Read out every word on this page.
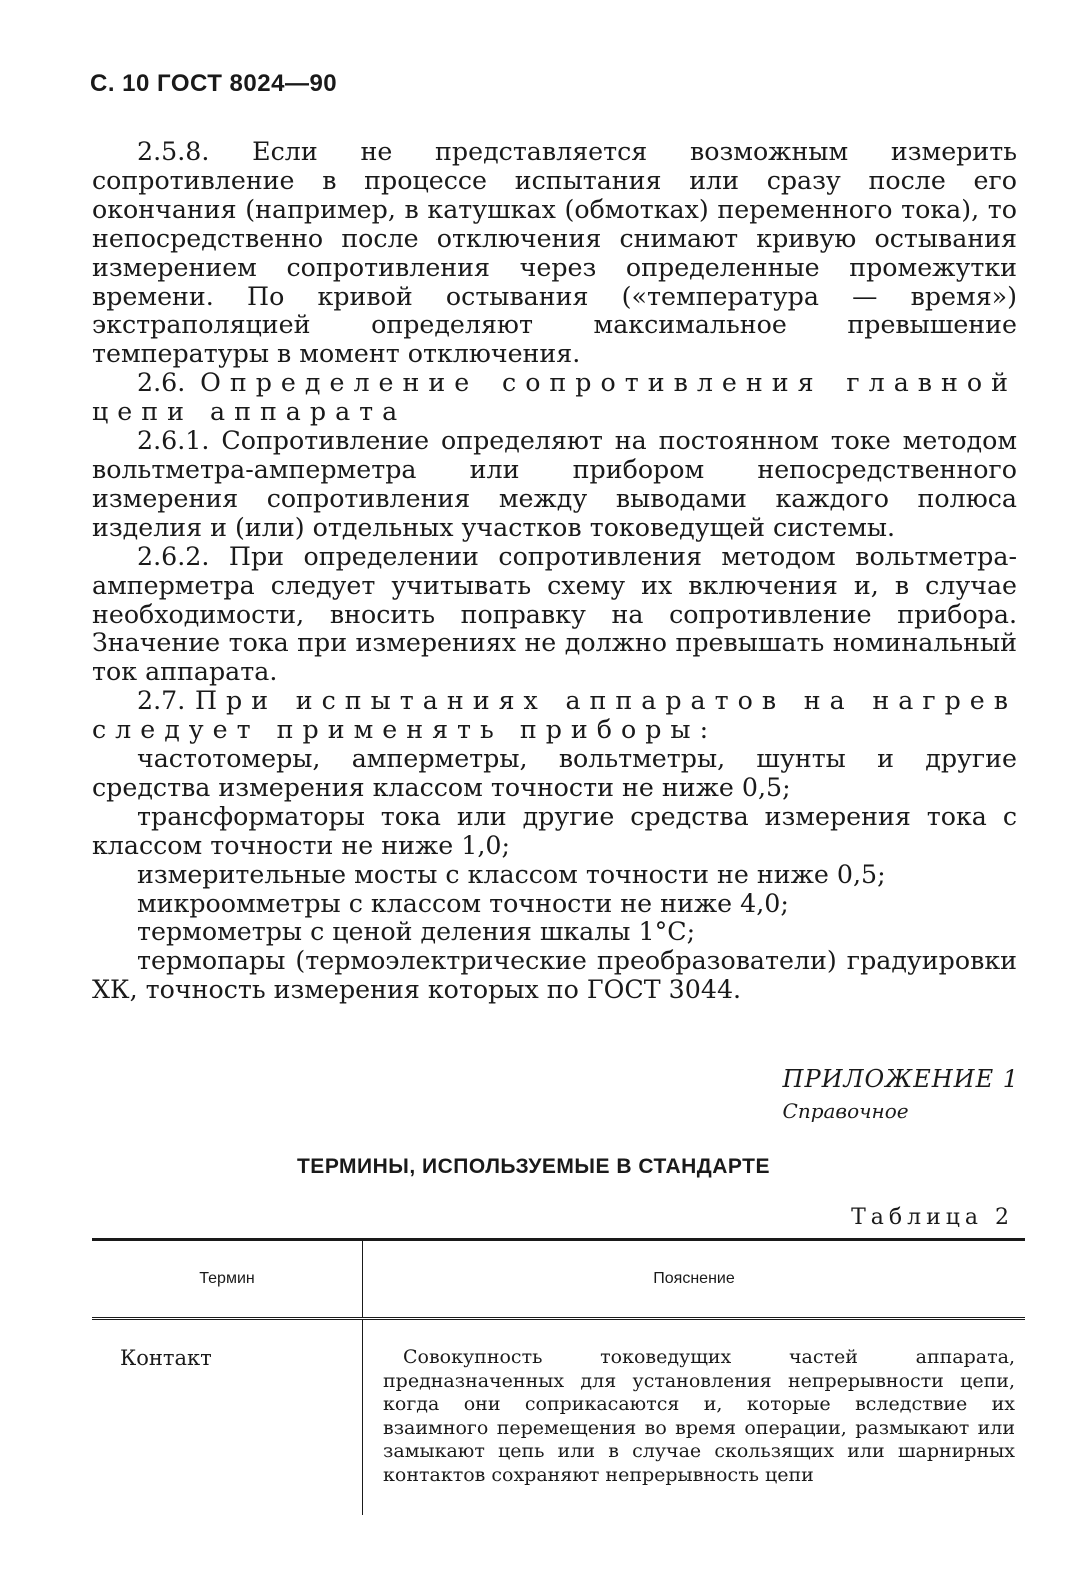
С. 10 ГОСТ 8024—90

2.5.8. Если не представляется возможным измерить сопротивление в процессе испытания или сразу после его окончания (например, в катушках (обмотках) переменного тока), то непосредственно после отключения снимают кривую остывания измерением сопротивления через определенные промежутки времени. По кривой остывания («температура — время») экстраполяцией определяют максимальное превышение температуры в момент отключения.

2.6. Определение сопротивления главной цепи аппарата

2.6.1. Сопротивление определяют на постоянном токе методом вольтметра-амперметра или прибором непосредственного измерения сопротивления между выводами каждого полюса изделия и (или) отдельных участков токоведущей системы.

2.6.2. При определении сопротивления методом вольтметра-амперметра следует учитывать схему их включения и, в случае необходимости, вносить поправку на сопротивление прибора. Значение тока при измерениях не должно превышать номинальный ток аппарата.

2.7. При испытаниях аппаратов на нагрев следует применять приборы:

частотомеры, амперметры, вольтметры, шунты и другие средства измерения классом точности не ниже 0,5;

трансформаторы тока или другие средства измерения тока с классом точности не ниже 1,0;

измерительные мосты с классом точности не ниже 0,5;

микроомметры с классом точности не ниже 4,0;

термометры с ценой деления шкалы 1°С;

термопары (термоэлектрические преобразователи) градуировки ХК, точность измерения которых по ГОСТ 3044.

ПРИЛОЖЕНИЕ 1
Справочное
ТЕРМИНЫ, ИСПОЛЬЗУЕМЫЕ В СТАНДАРТЕ
Таблица 2
Термин	Пояснение
Контакт	Совокупность токоведущих частей аппарата, предназначенных для установления непрерывности цепи, когда они соприкасаются и, которые вследствие их взаимного перемещения во время операции, размыкают или замыкают цепь или в случае скользящих или шарнирных контактов сохраняют непрерывность цепи
